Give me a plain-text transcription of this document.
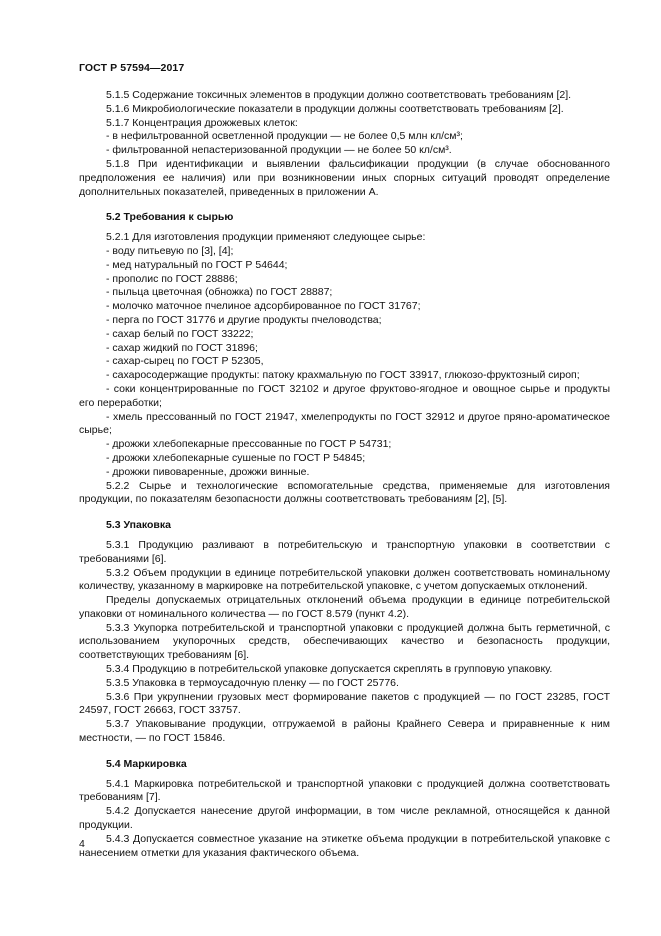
ГОСТ Р 57594—2017

5.1.5 Содержание токсичных элементов в продукции должно соответствовать требованиям [2].

5.1.6 Микробиологические показатели в продукции должны соответствовать требованиям [2].

5.1.7 Концентрация дрожжевых клеток:

- в нефильтрованной осветленной продукции — не более 0,5 млн кл/см³;

- фильтрованной непастеризованной продукции — не более 50 кл/см³.

5.1.8 При идентификации и выявлении фальсификации продукции (в случае обоснованного предположения ее наличия) или при возникновении иных спорных ситуаций проводят определение дополнительных показателей, приведенных в приложении А.

5.2 Требования к сырью

5.2.1 Для изготовления продукции применяют следующее сырье:

- воду питьевую по [3], [4];

- мед натуральный по ГОСТ Р 54644;

- прополис по ГОСТ 28886;

- пыльца цветочная (обножка) по ГОСТ 28887;

- молочко маточное пчелиное адсорбированное по ГОСТ 31767;

- перга по ГОСТ 31776 и другие продукты пчеловодства;

- сахар белый по ГОСТ 33222;

- сахар жидкий по ГОСТ 31896;

- сахар-сырец по ГОСТ Р 52305,

- сахаросодержащие продукты: патоку крахмальную по ГОСТ 33917, глюкозо-фруктозный сироп;

- соки концентрированные по ГОСТ 32102 и другое фруктово-ягодное и овощное сырье и продукты его переработки;

- хмель прессованный по ГОСТ 21947, хмелепродукты по ГОСТ 32912 и другое пряно-ароматическое сырье;

- дрожжи хлебопекарные прессованные по ГОСТ Р 54731;

- дрожжи хлебопекарные сушеные по ГОСТ Р 54845;

- дрожжи пивоваренные, дрожжи винные.

5.2.2 Сырье и технологические вспомогательные средства, применяемые для изготовления продукции, по показателям безопасности должны соответствовать требованиям [2], [5].

5.3 Упаковка

5.3.1 Продукцию разливают в потребительскую и транспортную упаковки в соответствии с требованиями [6].

5.3.2 Объем продукции в единице потребительской упаковки должен соответствовать номинальному количеству, указанному в маркировке на потребительской упаковке, с учетом допускаемых отклонений.

Пределы допускаемых отрицательных отклонений объема продукции в единице потребительской упаковки от номинального количества — по ГОСТ 8.579 (пункт 4.2).

5.3.3 Укупорка потребительской и транспортной упаковки с продукцией должна быть герметичной, с использованием укупорочных средств, обеспечивающих качество и безопасность продукции, соответствующих требованиям [6].

5.3.4 Продукцию в потребительской упаковке допускается скреплять в групповую упаковку.

5.3.5 Упаковка в термоусадочную пленку — по ГОСТ 25776.

5.3.6 При укрупнении грузовых мест формирование пакетов с продукцией — по ГОСТ 23285, ГОСТ 24597, ГОСТ 26663, ГОСТ 33757.

5.3.7 Упаковывание продукции, отгружаемой в районы Крайнего Севера и приравненные к ним местности, — по ГОСТ 15846.

5.4 Маркировка

5.4.1 Маркировка потребительской и транспортной упаковки с продукцией должна соответствовать требованиям [7].

5.4.2 Допускается нанесение другой информации, в том числе рекламной, относящейся к данной продукции.

5.4.3 Допускается совместное указание на этикетке объема продукции в потребительской упаковке с нанесением отметки для указания фактического объема.

4
